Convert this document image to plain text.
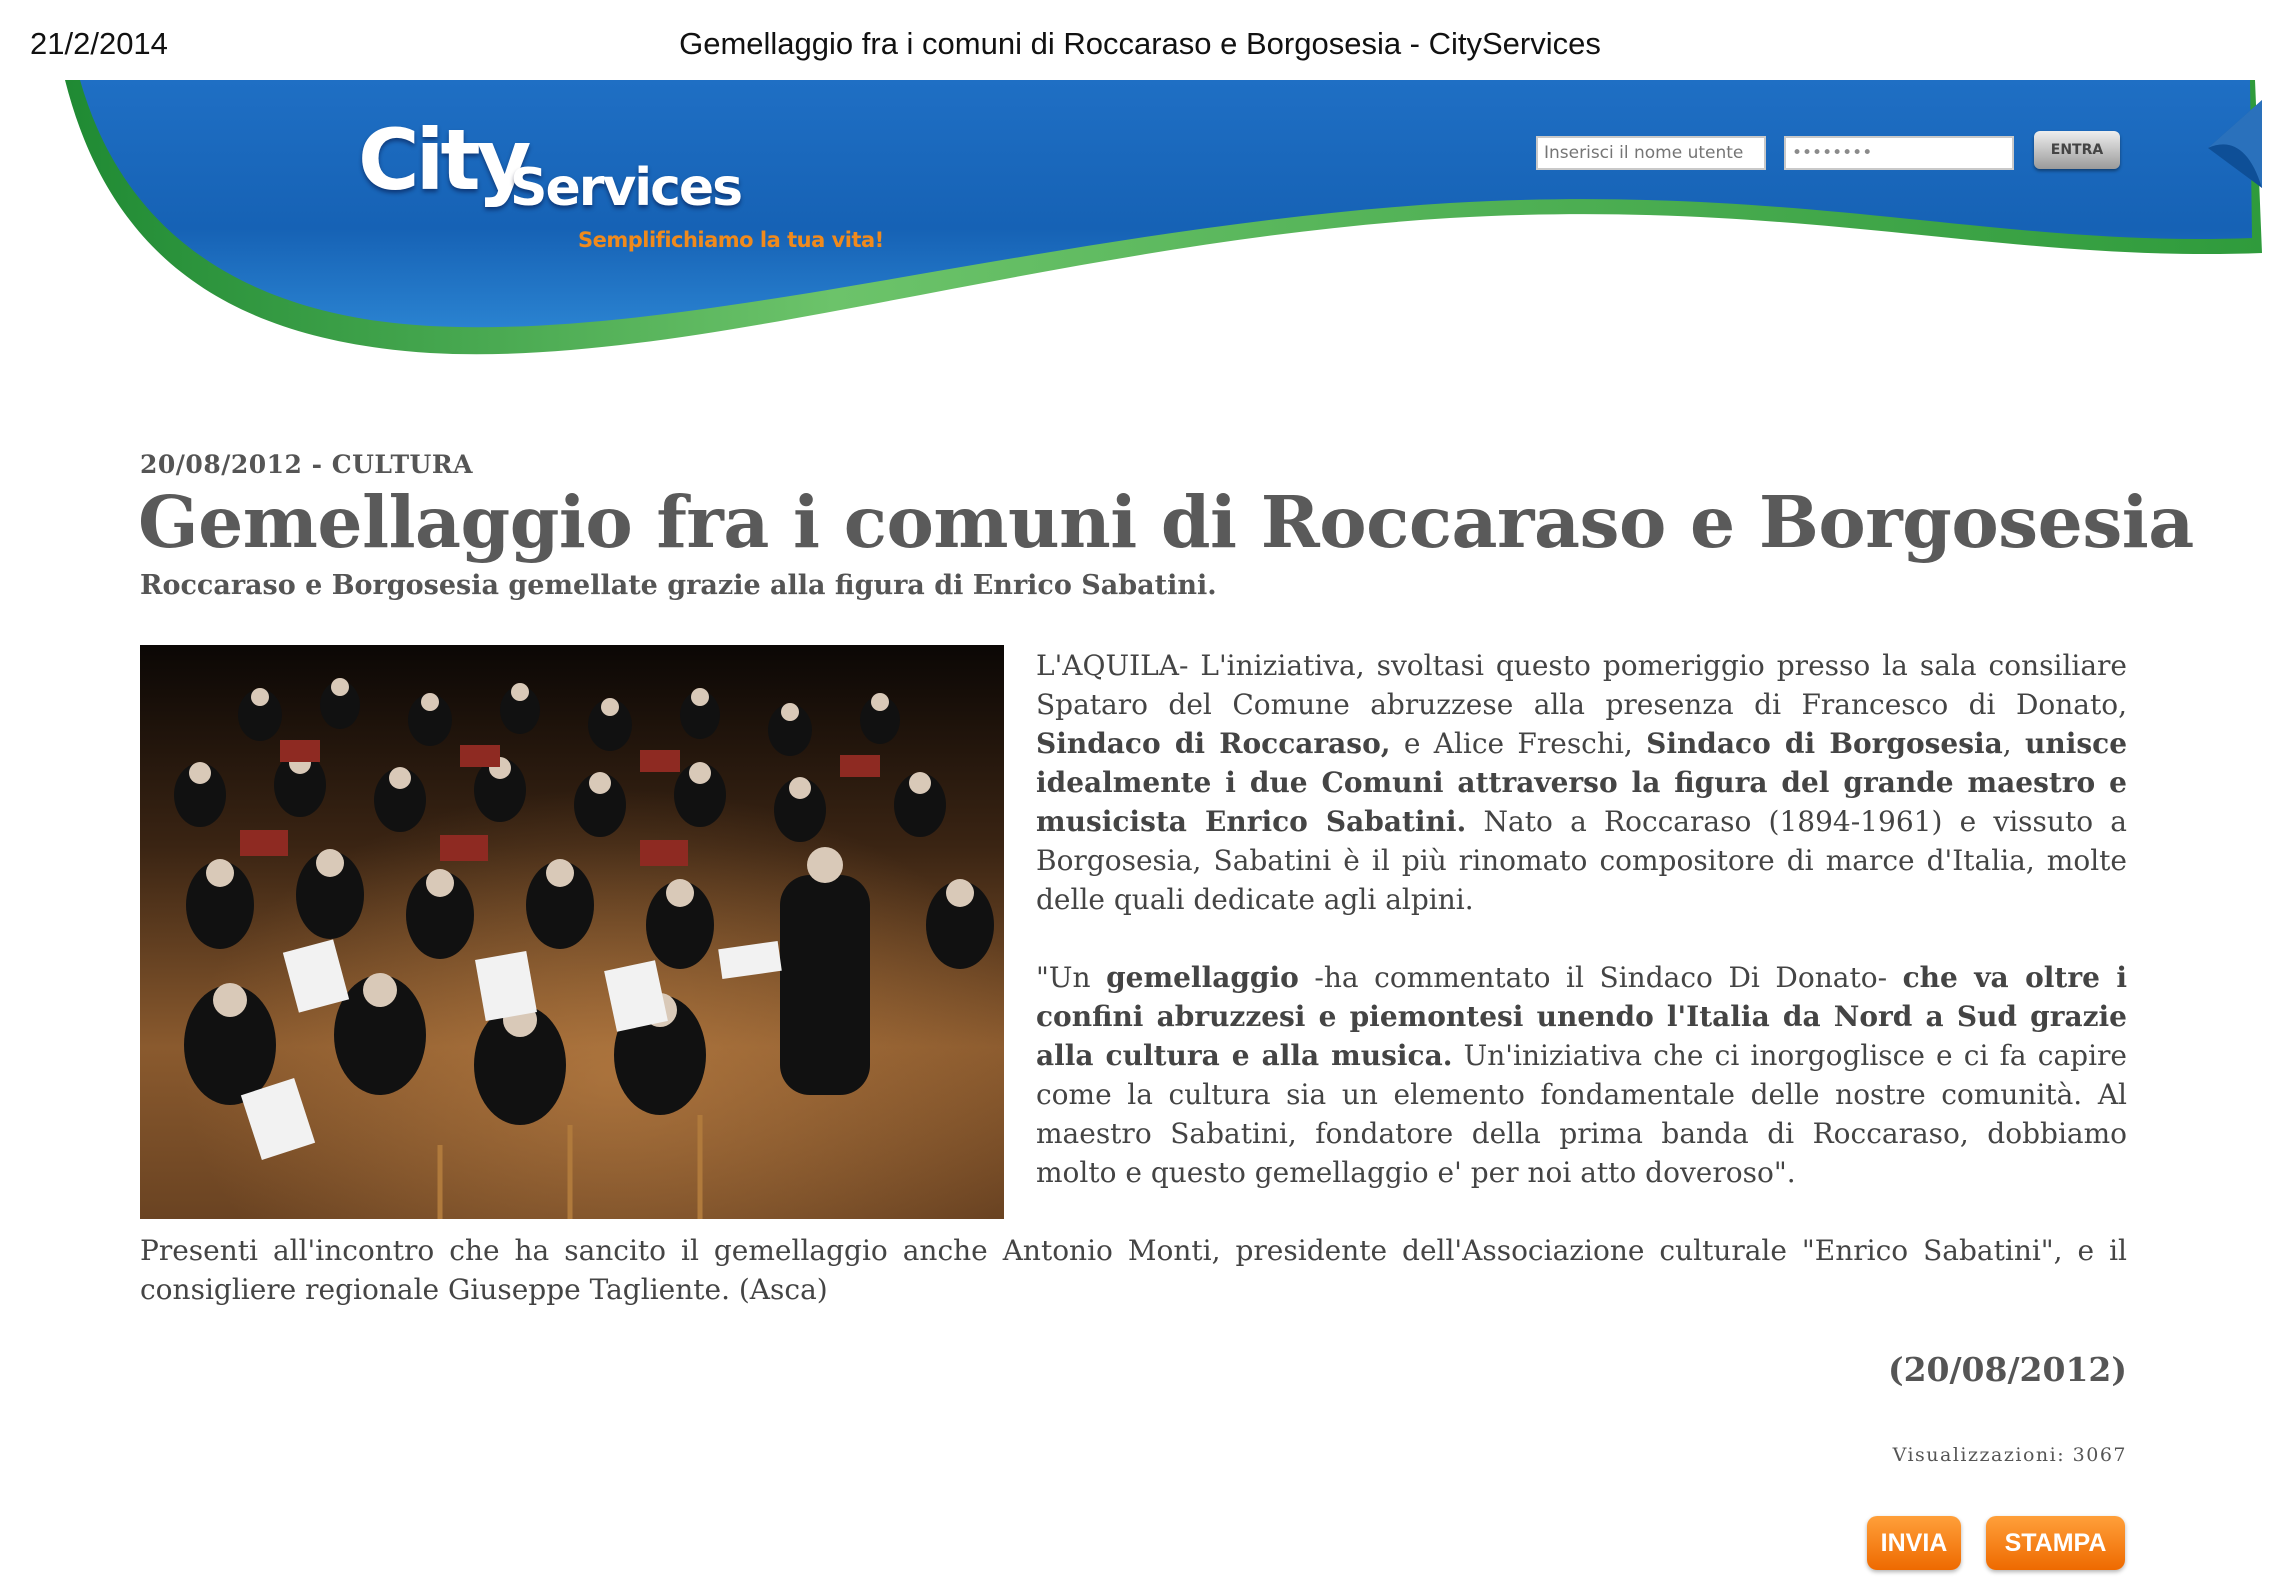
21/2/2014	Gemellaggio fra i comuni di Roccaraso e Borgosesia - CityServices
City
Services
Semplifichiamo la tua vita!
Inserisci il nome utente
••••••••
ENTRA
20/08/2012 - CULTURA
Gemellaggio fra i comuni di Roccaraso e Borgosesia
Roccaraso e Borgosesia gemellate grazie alla figura di Enrico Sabatini.

L'AQUILA- L'iniziativa, svoltasi questo pomeriggio presso la sala consiliare Spataro del Comune abruzzese alla presenza di Francesco di Donato, Sindaco di Roccaraso, e Alice Freschi, Sindaco di Borgosesia, unisce idealmente i due Comuni attraverso la figura del grande maestro e musicista Enrico Sabatini. Nato a Roccaraso (1894-1961) e vissuto a Borgosesia, Sabatini è il più rinomato compositore di marce d'Italia, molte delle quali dedicate agli alpini.

"Un gemellaggio -ha commentato il Sindaco Di Donato- che va oltre i confini abruzzesi e piemontesi unendo l'Italia da Nord a Sud grazie alla cultura e alla musica. Un'iniziativa che ci inorgoglisce e ci fa capire come la cultura sia un elemento fondamentale delle nostre comunità. Al maestro Sabatini, fondatore della prima banda di Roccaraso, dobbiamo molto e questo gemellaggio e' per noi atto doveroso".

Presenti all'incontro che ha sancito il gemellaggio anche Antonio Monti, presidente dell'Associazione culturale "Enrico Sabatini", e il consigliere regionale Giuseppe Tagliente. (Asca)

(20/08/2012)
Visualizzazioni: 3067
INVIA	STAMPA
